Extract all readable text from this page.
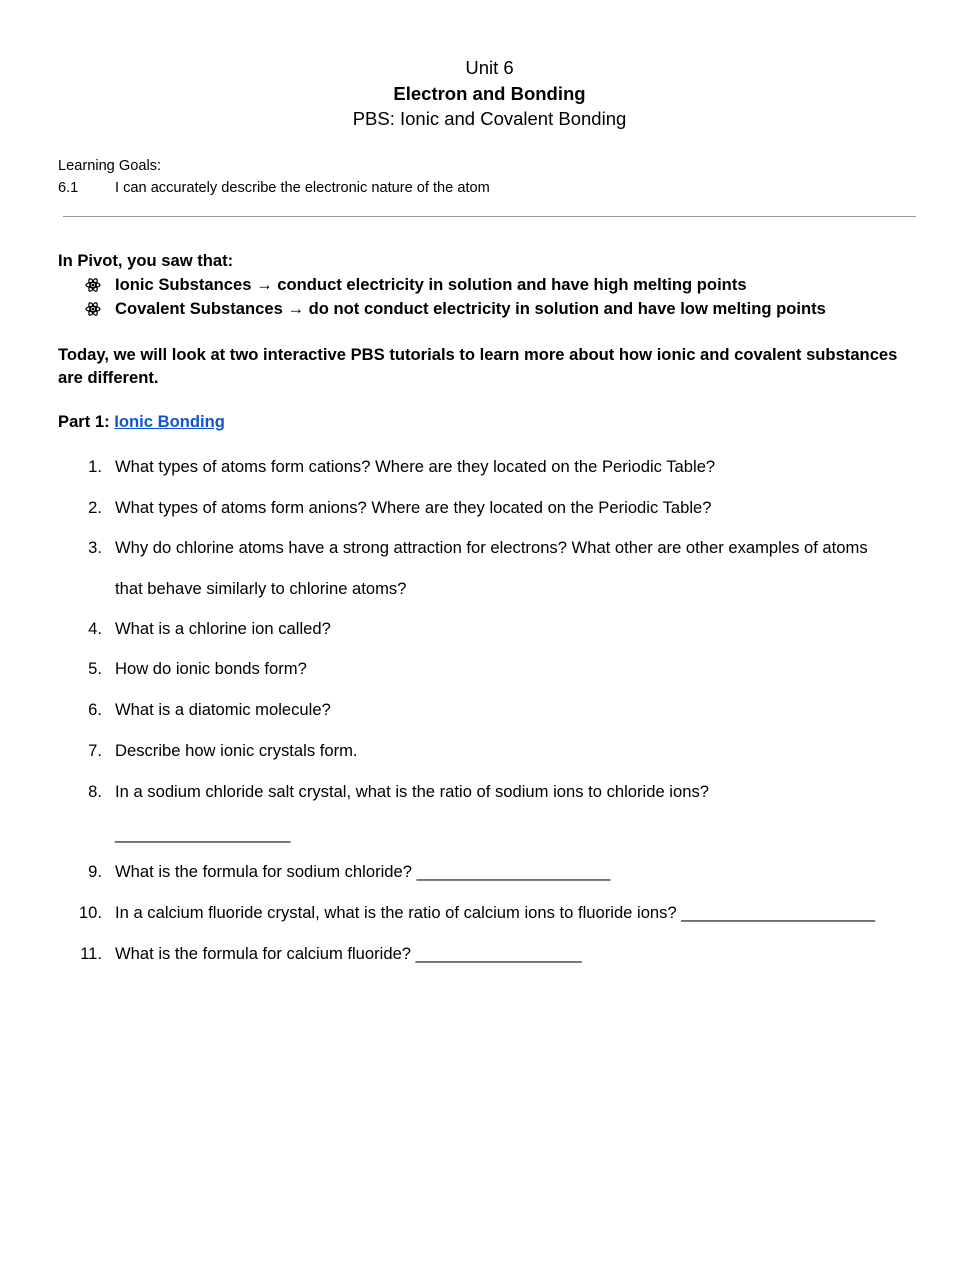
Unit 6
Electron and Bonding
PBS: Ionic and Covalent Bonding
Learning Goals:
6.1	I can accurately describe the electronic nature of the atom
In Pivot, you saw that:
Ionic Substances → conduct electricity in solution and have high melting points
Covalent Substances → do not conduct electricity in solution and have low melting points
Today, we will look at two interactive PBS tutorials to learn more about how ionic and covalent substances are different.
Part 1: Ionic Bonding
1. What types of atoms form cations? Where are they located on the Periodic Table?
2. What types of atoms form anions? Where are they located on the Periodic Table?
3. Why do chlorine atoms have a strong attraction for electrons? What other are other examples of atoms
that behave similarly to chlorine atoms?
4. What is a chlorine ion called?
5. How do ionic bonds form?
6. What is a diatomic molecule?
7. Describe how ionic crystals form.
8. In a sodium chloride salt crystal, what is the ratio of sodium ions to chloride ions?
___________________
9. What is the formula for sodium chloride? _____________________
10. In a calcium fluoride crystal, what is the ratio of calcium ions to fluoride ions? _____________________
11. What is the formula for calcium fluoride? __________________
